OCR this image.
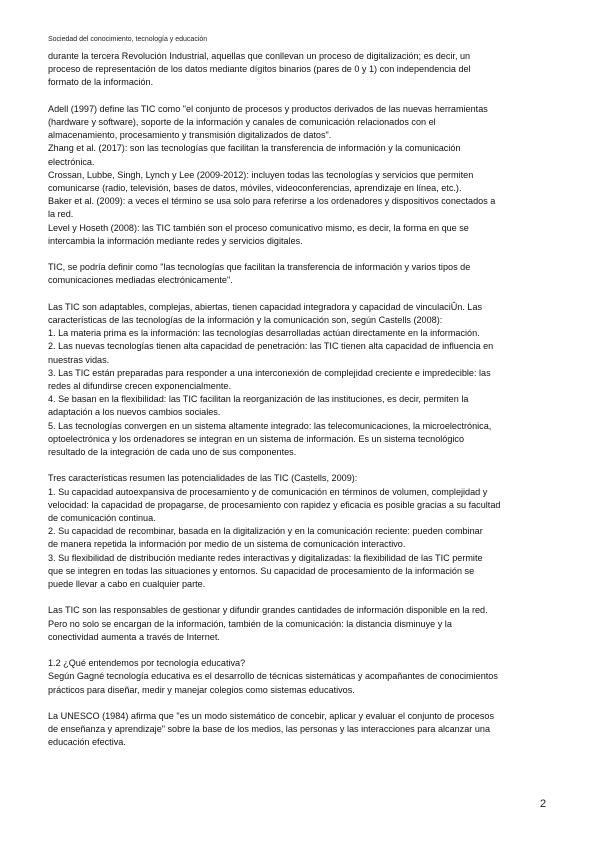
Sociedad del conocimiento, tecnología y educación

durante la tercera Revolución Industrial, aquellas que conllevan un proceso de digitalización; es decir, un
proceso de representación de los datos mediante dígitos binarios (pares de 0 y 1) con independencia del
formato de la información.

Adell (1997) define las TIC como "el conjunto de procesos y productos derivados de las nuevas herramientas
(hardware y software), soporte de la información y canales de comunicación relacionados con el
almacenamiento, procesamiento y transmisión digitalizados de datos".
Zhang et al. (2017): son las tecnologías que facilitan la transferencia de información y la comunicación
electrónica.
Crossan, Lubbe, Singh, Lynch y Lee (2009-2012): incluyen todas las tecnologías y servicios que permiten
comunicarse (radio, televisión, bases de datos, móviles, videoconferencias, aprendizaje en línea, etc.).
Baker et al. (2009): a veces el término se usa solo para referirse a los ordenadores y dispositivos conectados a
la red.
Level y Hoseth (2008): las TIC también son el proceso comunicativo mismo, es decir, la forma en que se
intercambia la información mediante redes y servicios digitales.

TIC, se podría definir como "las tecnologías que facilitan la transferencia de información y varios tipos de
comunicaciones mediadas electrónicamente".

Las TIC son adaptables, complejas, abiertas, tienen capacidad integradora y capacidad de vinculaciÛn. Las
características de las tecnologías de la información y la comunicación son, según Castells (2008):
1. La materia prima es la información: las tecnologías desarrolladas actúan directamente en la información.
2. Las nuevas tecnologías tienen alta capacidad de penetración: las TIC tienen alta capacidad de influencia en
nuestras vidas.
3. Las TIC están preparadas para responder a una interconexión de complejidad creciente e impredecible: las
redes al difundirse crecen exponencialmente.
4. Se basan en la flexibilidad: las TIC facilitan la reorganización de las instituciones, es decir, permiten la
adaptación a los nuevos cambios sociales.
5. Las tecnologías convergen en un sistema altamente integrado: las telecomunicaciones, la microelectrónica,
optoelectrónica y los ordenadores se integran en un sistema de información. Es un sistema tecnológico
resultado de la integración de cada uno de sus componentes.

Tres características resumen las potencialidades de las TIC (Castells, 2009):
1. Su capacidad autoexpansiva de procesamiento y de comunicación en términos de volumen, complejidad y
velocidad: la capacidad de propagarse, de procesamiento con rapidez y eficacia es posible gracias a su facultad
de comunicación continua.
2. Su capacidad de recombinar, basada en la digitalización y en la comunicación reciente: pueden combinar
de manera repetida la información por medio de un sistema de comunicación interactivo.
3. Su flexibilidad de distribución mediante redes interactivas y digitalizadas: la flexibilidad de las TIC permite
que se integren en todas las situaciones y entornos. Su capacidad de procesamiento de la información se
puede llevar a cabo en cualquier parte.

Las TIC son las responsables de gestionar y difundir grandes cantidades de información disponible en la red.
Pero no solo se encargan de la información, también de la comunicación: la distancia disminuye y la
conectividad aumenta a través de Internet.

1.2 ¿Qué entendemos por tecnología educativa?
Según Gagné tecnología educativa es el desarrollo de técnicas sistemáticas y acompañantes de conocimientos
prácticos para diseñar, medir y manejar colegios como sistemas educativos.

La UNESCO (1984) afirma que "es un modo sistemático de concebir, aplicar y evaluar el conjunto de procesos
de enseñanza y aprendizaje" sobre la base de los medios, las personas y las interacciones para alcanzar una
educación efectiva.

2
